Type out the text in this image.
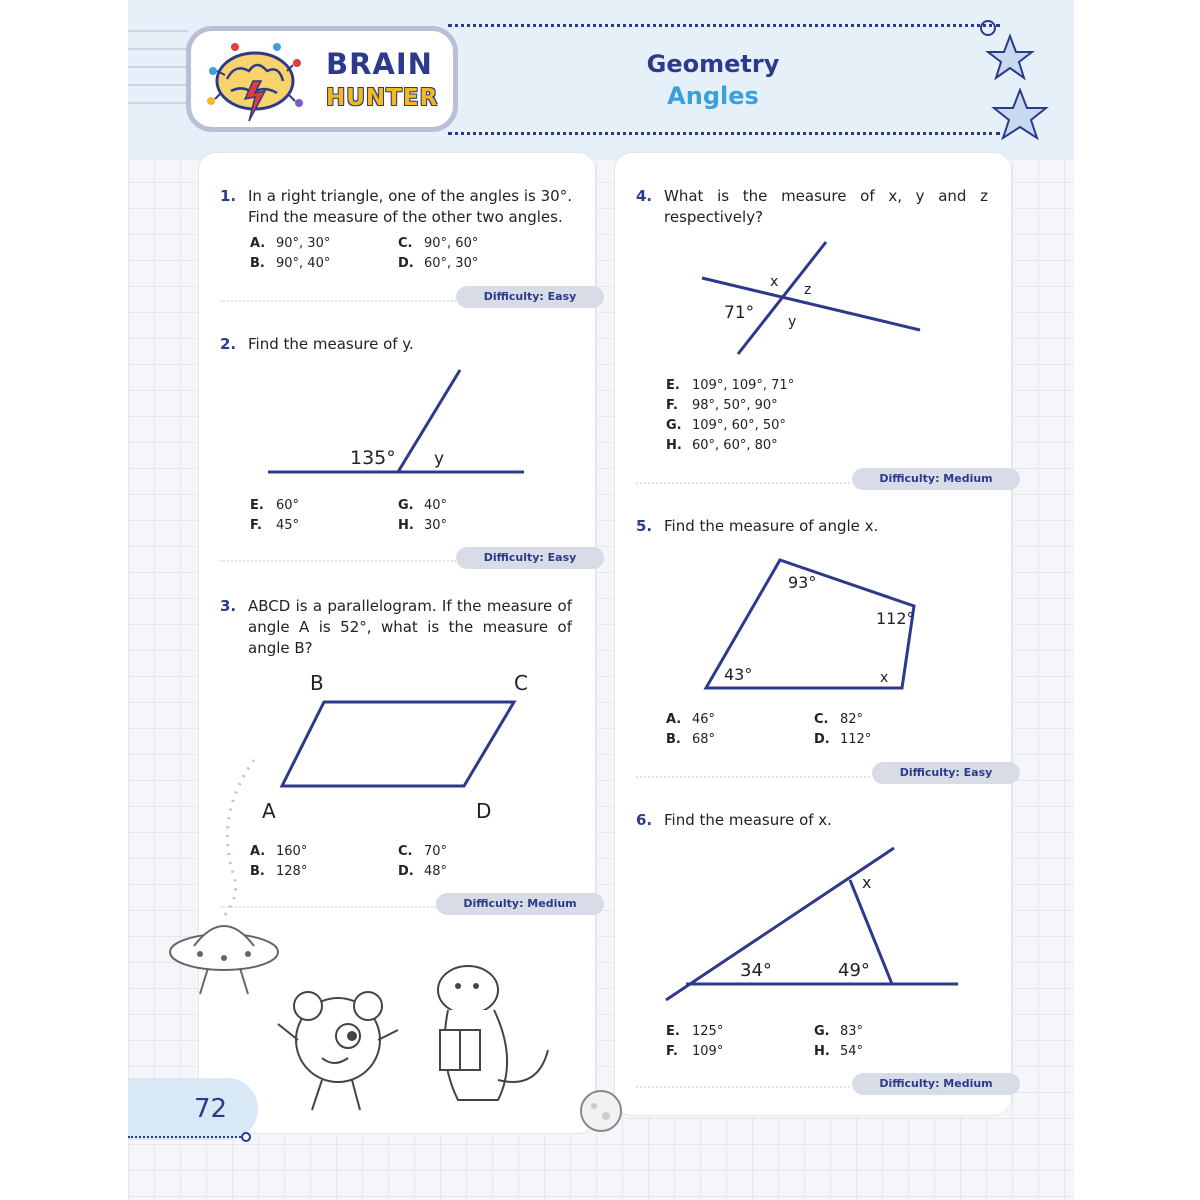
BRAIN
HUNTER
Geometry
Angles
1. In a right triangle, one of the angles is 30°. Find the measure of the other two angles.
A. 90°, 30°
B. 90°, 40°
C. 90°, 60°
D. 60°, 30°
Difficulty: Easy
2. Find the measure of y.
135° y
E. 60°
F. 45°
G. 40°
H. 30°
Difficulty: Easy
3. ABCD is a parallelogram. If the measure of angle A is 52°, what is the measure of angle B?
B	C
A	D
A. 160°
B. 128°
C. 70°
D. 48°
Difficulty: Medium
4. What is the measure of x, y and z respectively?
71°
x z
y
E. 109°, 109°, 71°
F. 98°, 50°, 90°
G. 109°, 60°, 50°
H. 60°, 60°, 80°
Difficulty: Medium
5. Find the measure of angle x.
93°
112°
43°	x
A. 46°
B. 68°
C. 82°
D. 112°
Difficulty: Easy
6. Find the measure of x.
34°	49°
x
E. 125°
F. 109°
G. 83°
H. 54°
Difficulty: Medium
72
